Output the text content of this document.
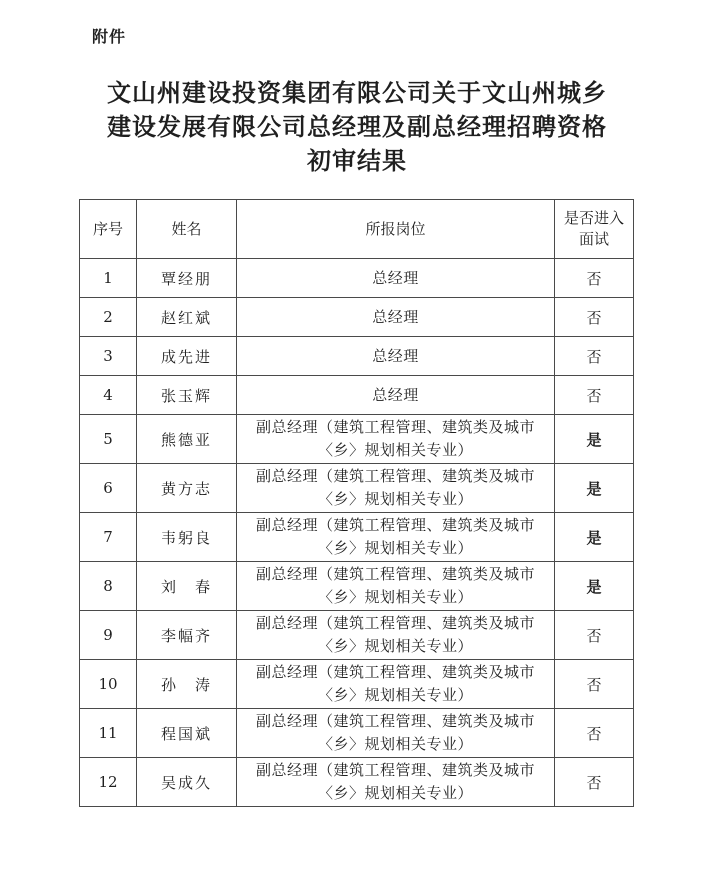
附件
文山州建设投资集团有限公司关于文山州城乡
建设发展有限公司总经理及副总经理招聘资格
初审结果
序号	姓名	所报岗位	是否进入
面试

1	覃经朋	总经理	否
2	赵红斌	总经理	否
3	成先进	总经理	否
4	张玉辉	总经理	否
5	熊德亚	副总经理（建筑工程管理、建筑类及城市
〈乡〉规划相关专业）	是
6	黄方志	副总经理（建筑工程管理、建筑类及城市
〈乡〉规划相关专业）	是
7	韦躬良	副总经理（建筑工程管理、建筑类及城市
〈乡〉规划相关专业）	是
8	刘　春	副总经理（建筑工程管理、建筑类及城市
〈乡〉规划相关专业）	是
9	李幅齐	副总经理（建筑工程管理、建筑类及城市
〈乡〉规划相关专业）	否
10	孙　涛	副总经理（建筑工程管理、建筑类及城市
〈乡〉规划相关专业）	否
11	程国斌	副总经理（建筑工程管理、建筑类及城市
〈乡〉规划相关专业）	否
12	吴成久	副总经理（建筑工程管理、建筑类及城市
〈乡〉规划相关专业）	否
